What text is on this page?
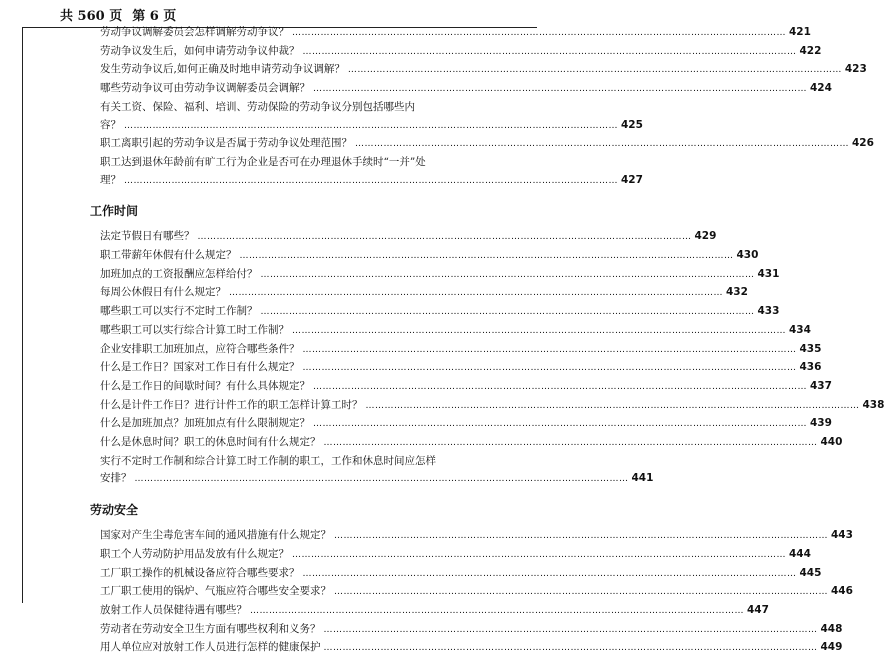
共 560 页 第 6 页
劳动争议调解委员会怎样调解劳动争议？ ………………………………………………………………………………………………………………………………………… 421
劳动争议发生后，如何申请劳动争议仲裁？ ………………………………………………………………………………………………………………………………………… 422
发生劳动争议后,如何正确及时地申请劳动争议调解？ ………………………………………………………………………………………………………………………………………… 423
哪些劳动争议可由劳动争议调解委员会调解？ ………………………………………………………………………………………………………………………………………… 424
有关工资、保险、福利、培训、劳动保险的劳动争议分别包括哪些内
容？ ………………………………………………………………………………………………………………………………………… 425
职工离职引起的劳动争议是否属于劳动争议处理范围？ ………………………………………………………………………………………………………………………………………… 426
职工达到退休年龄前有旷工行为企业是否可在办理退休手续时“一并”处
理？ ………………………………………………………………………………………………………………………………………… 427
工作时间
法定节假日有哪些？ ………………………………………………………………………………………………………………………………………… 429
职工带薪年休假有什么规定？ ………………………………………………………………………………………………………………………………………… 430
加班加点的工资报酬应怎样给付？ ………………………………………………………………………………………………………………………………………… 431
每周公休假日有什么规定？ ………………………………………………………………………………………………………………………………………… 432
哪些职工可以实行不定时工作制？ ………………………………………………………………………………………………………………………………………… 433
哪些职工可以实行综合计算工时工作制？ ………………………………………………………………………………………………………………………………………… 434
企业安排职工加班加点，应符合哪些条件？ ………………………………………………………………………………………………………………………………………… 435
什么是工作日？国家对工作日有什么规定？ ………………………………………………………………………………………………………………………………………… 436
什么是工作日的间歇时间？有什么具体规定？ ………………………………………………………………………………………………………………………………………… 437
什么是计件工作日？进行计件工作的职工怎样计算工时？ ………………………………………………………………………………………………………………………………………… 438
什么是加班加点？加班加点有什么限制规定？ ………………………………………………………………………………………………………………………………………… 439
什么是休息时间？职工的休息时间有什么规定？ ………………………………………………………………………………………………………………………………………… 440
实行不定时工作制和综合计算工时工作制的职工，工作和休息时间应怎样
安排？ ………………………………………………………………………………………………………………………………………… 441
劳动安全
国家对产生尘毒危害车间的通风措施有什么规定？ ………………………………………………………………………………………………………………………………………… 443
职工个人劳动防护用品发放有什么规定？ ………………………………………………………………………………………………………………………………………… 444
工厂职工操作的机械设备应符合哪些要求？ ………………………………………………………………………………………………………………………………………… 445
工厂职工使用的锅炉、气瓶应符合哪些安全要求？ ………………………………………………………………………………………………………………………………………… 446
放射工作人员保健待遇有哪些？ ………………………………………………………………………………………………………………………………………… 447
劳动者在劳动安全卫生方面有哪些权利和义务？ ………………………………………………………………………………………………………………………………………… 448
用人单位应对放射工作人员进行怎样的健康保护 ………………………………………………………………………………………………………………………………………… 449
